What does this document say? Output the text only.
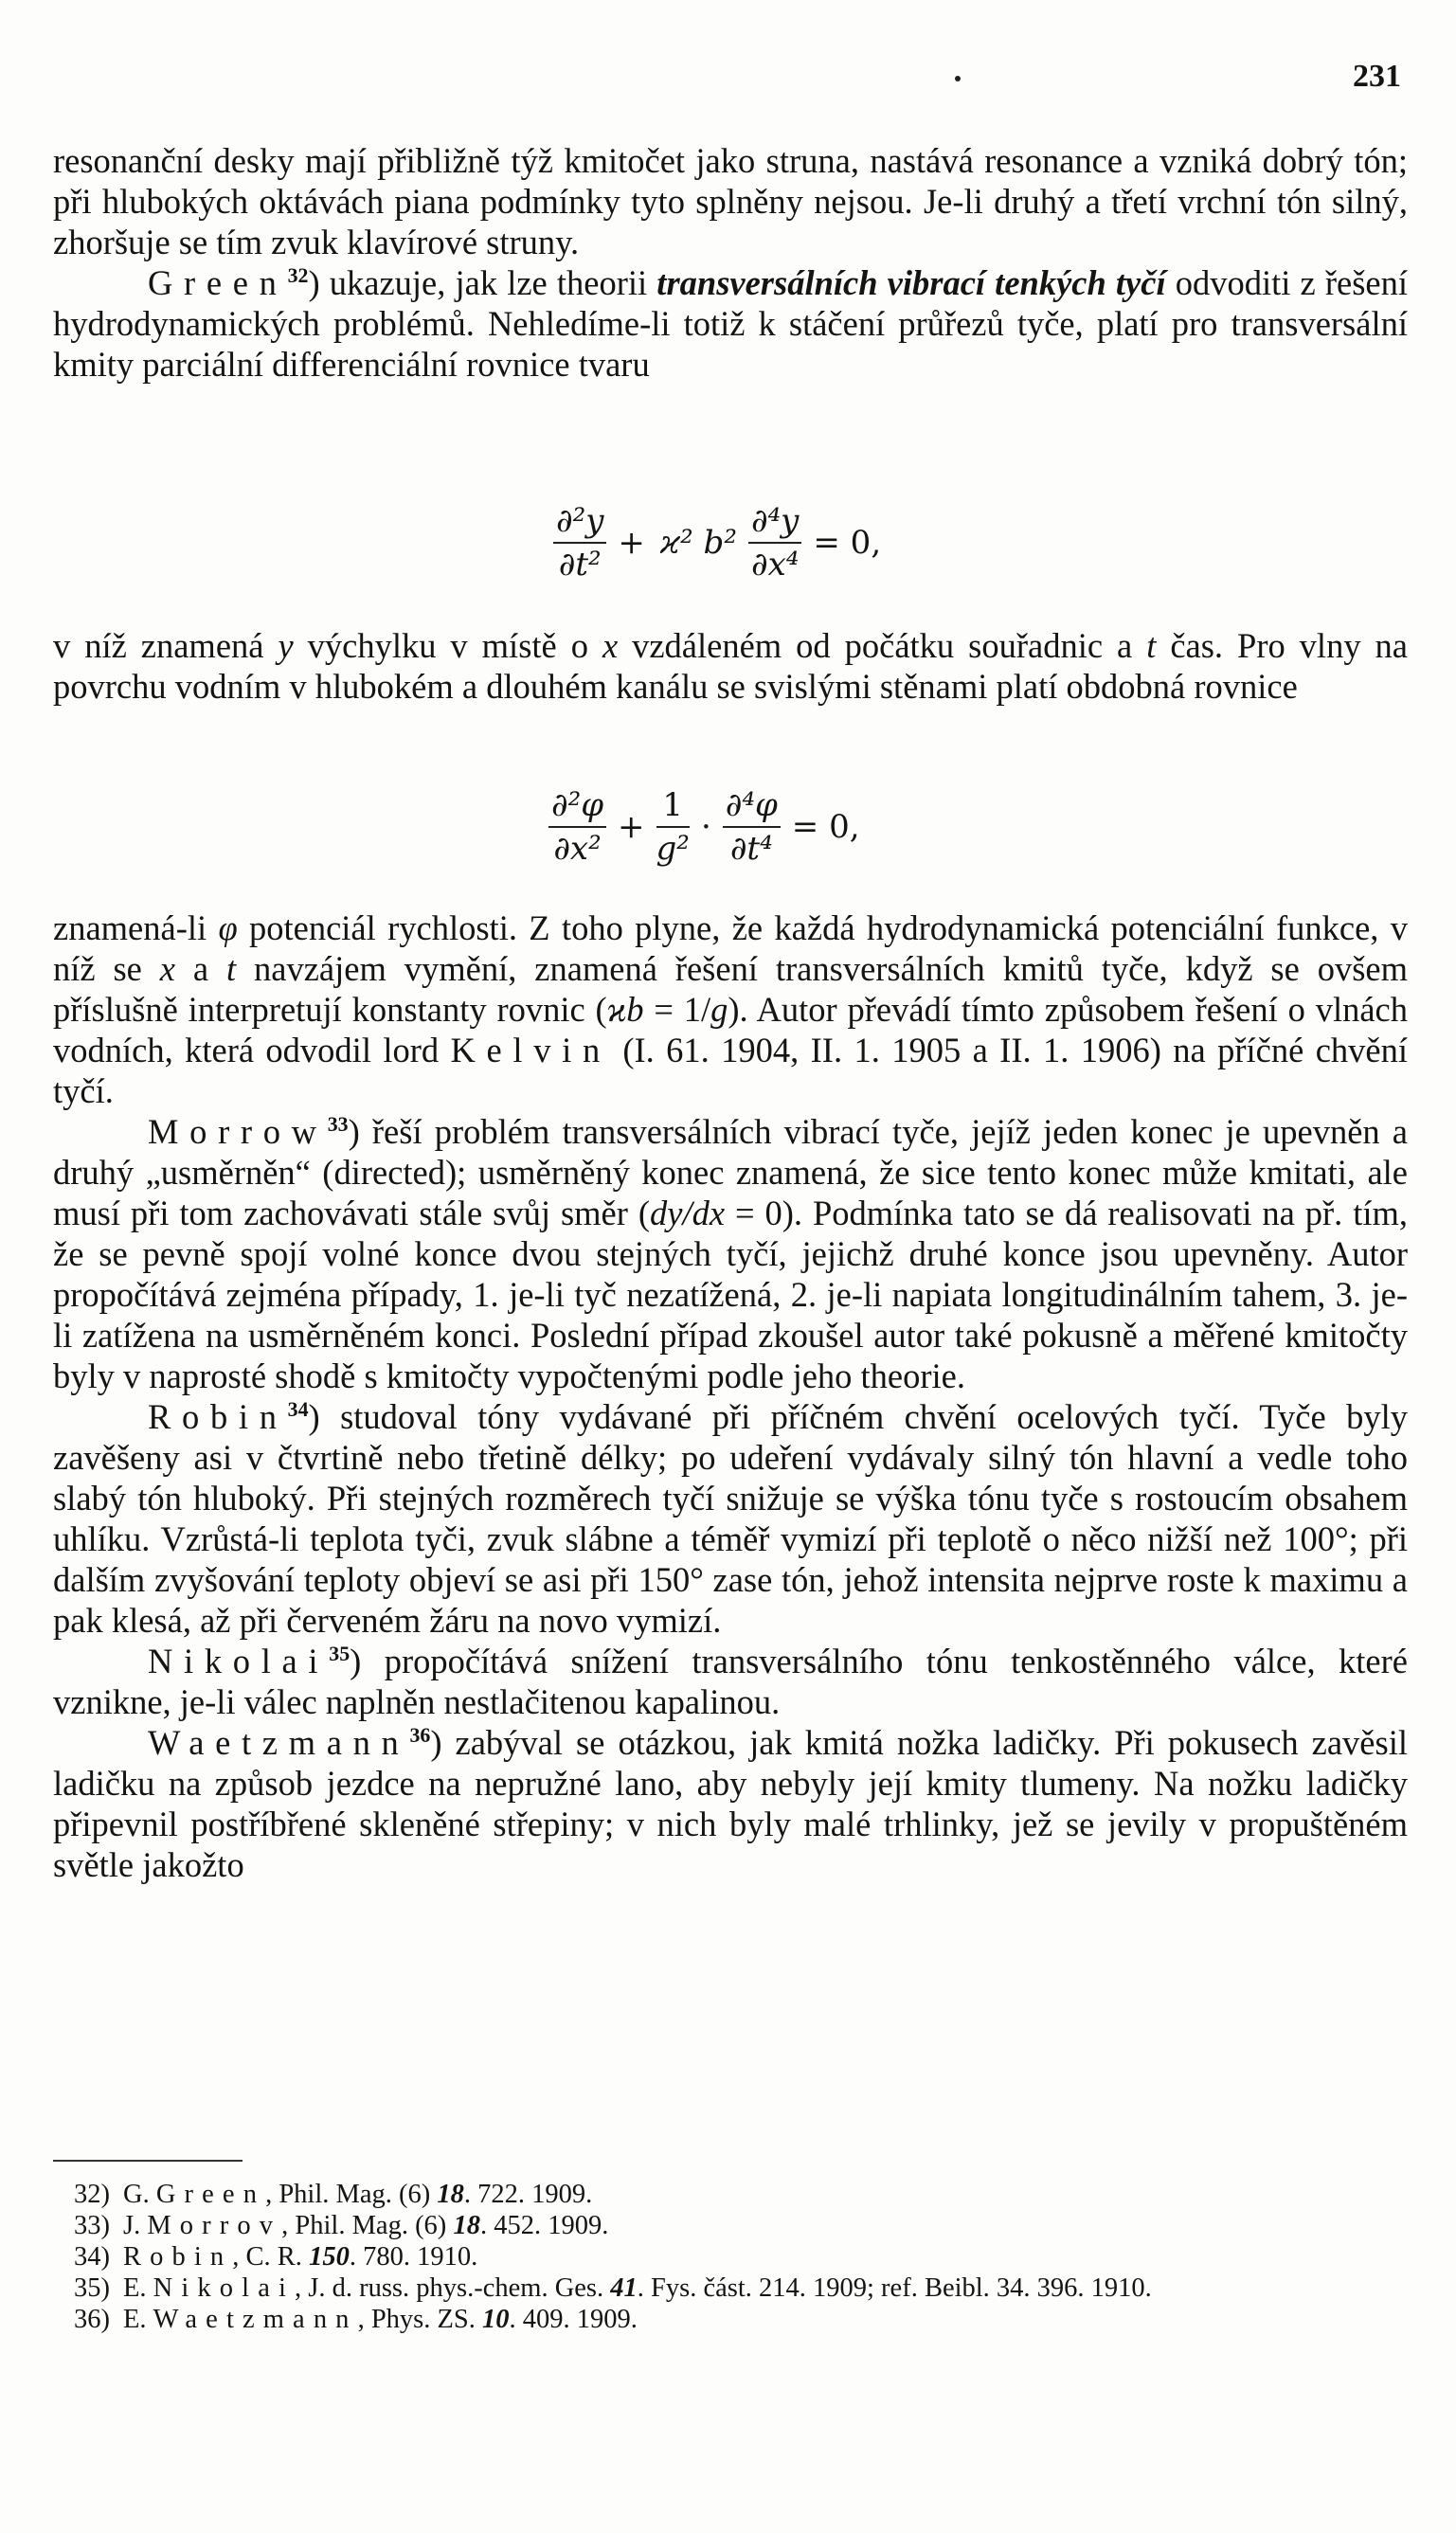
231

resonanční desky mají přibližně týž kmitočet jako struna, nastává resonance a vzniká dobrý tón; při hlubokých oktávách piana podmínky tyto splněny nejsou. Je-li druhý a třetí vrchní tón silný, zhoršuje se tím zvuk klavírové struny.

Green$^{32}$) ukazuje, jak lze theorii transversálních vibrací tenkých tyčí odvoditi z řešení hydrodynamických problémů. Nehledíme-li totiž k stáčení průřezů tyče, platí pro transversální kmity parciální differenciální rovnice tvaru

$\frac{\text{∂²y}}{\text{∂t²}} + ϰ^2$ $b^2 \frac{\text{∂⁴y}}{\text{∂x⁴}} = 0$,

v níž znamená y výchylku v místě o x vzdáleném od počátku souřadnic a t čas. Pro vlny na povrchu vodním v hlubokém a dlouhém kanálu se svislými stěnami platí obdobná rovnice

$\frac{\text{∂²φ}}{\text{∂x²}} + \frac{1}{\text{g²}} \cdot \frac{\text{∂⁴φ}}{\text{∂t⁴}} = 0$,

znamená-li φ potenciál rychlosti. Z toho plyne, že každá hydrodynamická potenciální funkce, v níž se x a t navzájem vymění, znamená řešení transversálních kmitů tyče, když se ovšem příslušně interpretují konstanty rovnic (ϰb = 1/g). Autor převádí tímto způsobem řešení o vlnách vodních, která odvodil lord Kelvin (I. 61. 1904, II. 1. 1905 a II. 1. 1906) na příčné chvění tyčí.

Morrow$^{33}$) řeší problém transversálních vibrací tyče, jejíž jeden konec je upevněn a druhý „usměrněn“ (directed); usměrněný konec znamená, že sice tento konec může kmitati, ale musí při tom zachovávati stále svůj směr (dy/dx = 0). Podmínka tato se dá realisovati na př. tím, že se pevně spojí volné konce dvou stejných tyčí, jejichž druhé konce jsou upevněny. Autor propočítává zejména případy, 1. je-li tyč nezatížená, 2. je-li napiata longitudinálním tahem, 3. je-li zatížena na usměrněném konci. Poslední případ zkoušel autor také pokusně a měřené kmitočty byly v naprosté shodě s kmitočty vypočtenými podle jeho theorie.

Robin$^{34}$) studoval tóny vydávané při příčném chvění ocelových tyčí. Tyče byly zavěšeny asi v čtvrtině nebo třetině délky; po udeření vydávaly silný tón hlavní a vedle toho slabý tón hluboký. Při stejných rozměrech tyčí snižuje se výška tónu tyče s rostoucím obsahem uhlíku. Vzrůstá-li teplota tyči, zvuk slábne a téměř vymizí při teplotě o něco nižší než 100°; při dalším zvyšování teploty objeví se asi při 150° zase tón, jehož intensita nejprve roste k maximu a pak klesá, až při červeném žáru na novo vymizí.

Nikolai$^{35}$) propočítává snížení transversálního tónu tenkostěnného válce, které vznikne, je-li válec naplněn nestlačitenou kapalinou.

Waetzmann$^{36}$) zabýval se otázkou, jak kmitá nožka ladičky. Při pokusech zavěsil ladičku na způsob jezdce na nepružné lano, aby nebyly její kmity tlumeny. Na nožku ladičky připevnil postříbřené skleněné střepiny; v nich byly malé trhlinky, jež se jevily v propuštěném světle jakožto

32) G. Green, Phil. Mag. (6) 18. 722. 1909.

33) J. Morrov, Phil. Mag. (6) 18. 452. 1909.

34) Robin, C. R. 150. 780. 1910.

35) E. Nikolai, J. d. russ. phys.-chem. Ges. 41. Fys. část. 214. 1909; ref. Beibl. 34. 396. 1910.

36) E. Waetzmann, Phys. ZS. 10. 409. 1909.
